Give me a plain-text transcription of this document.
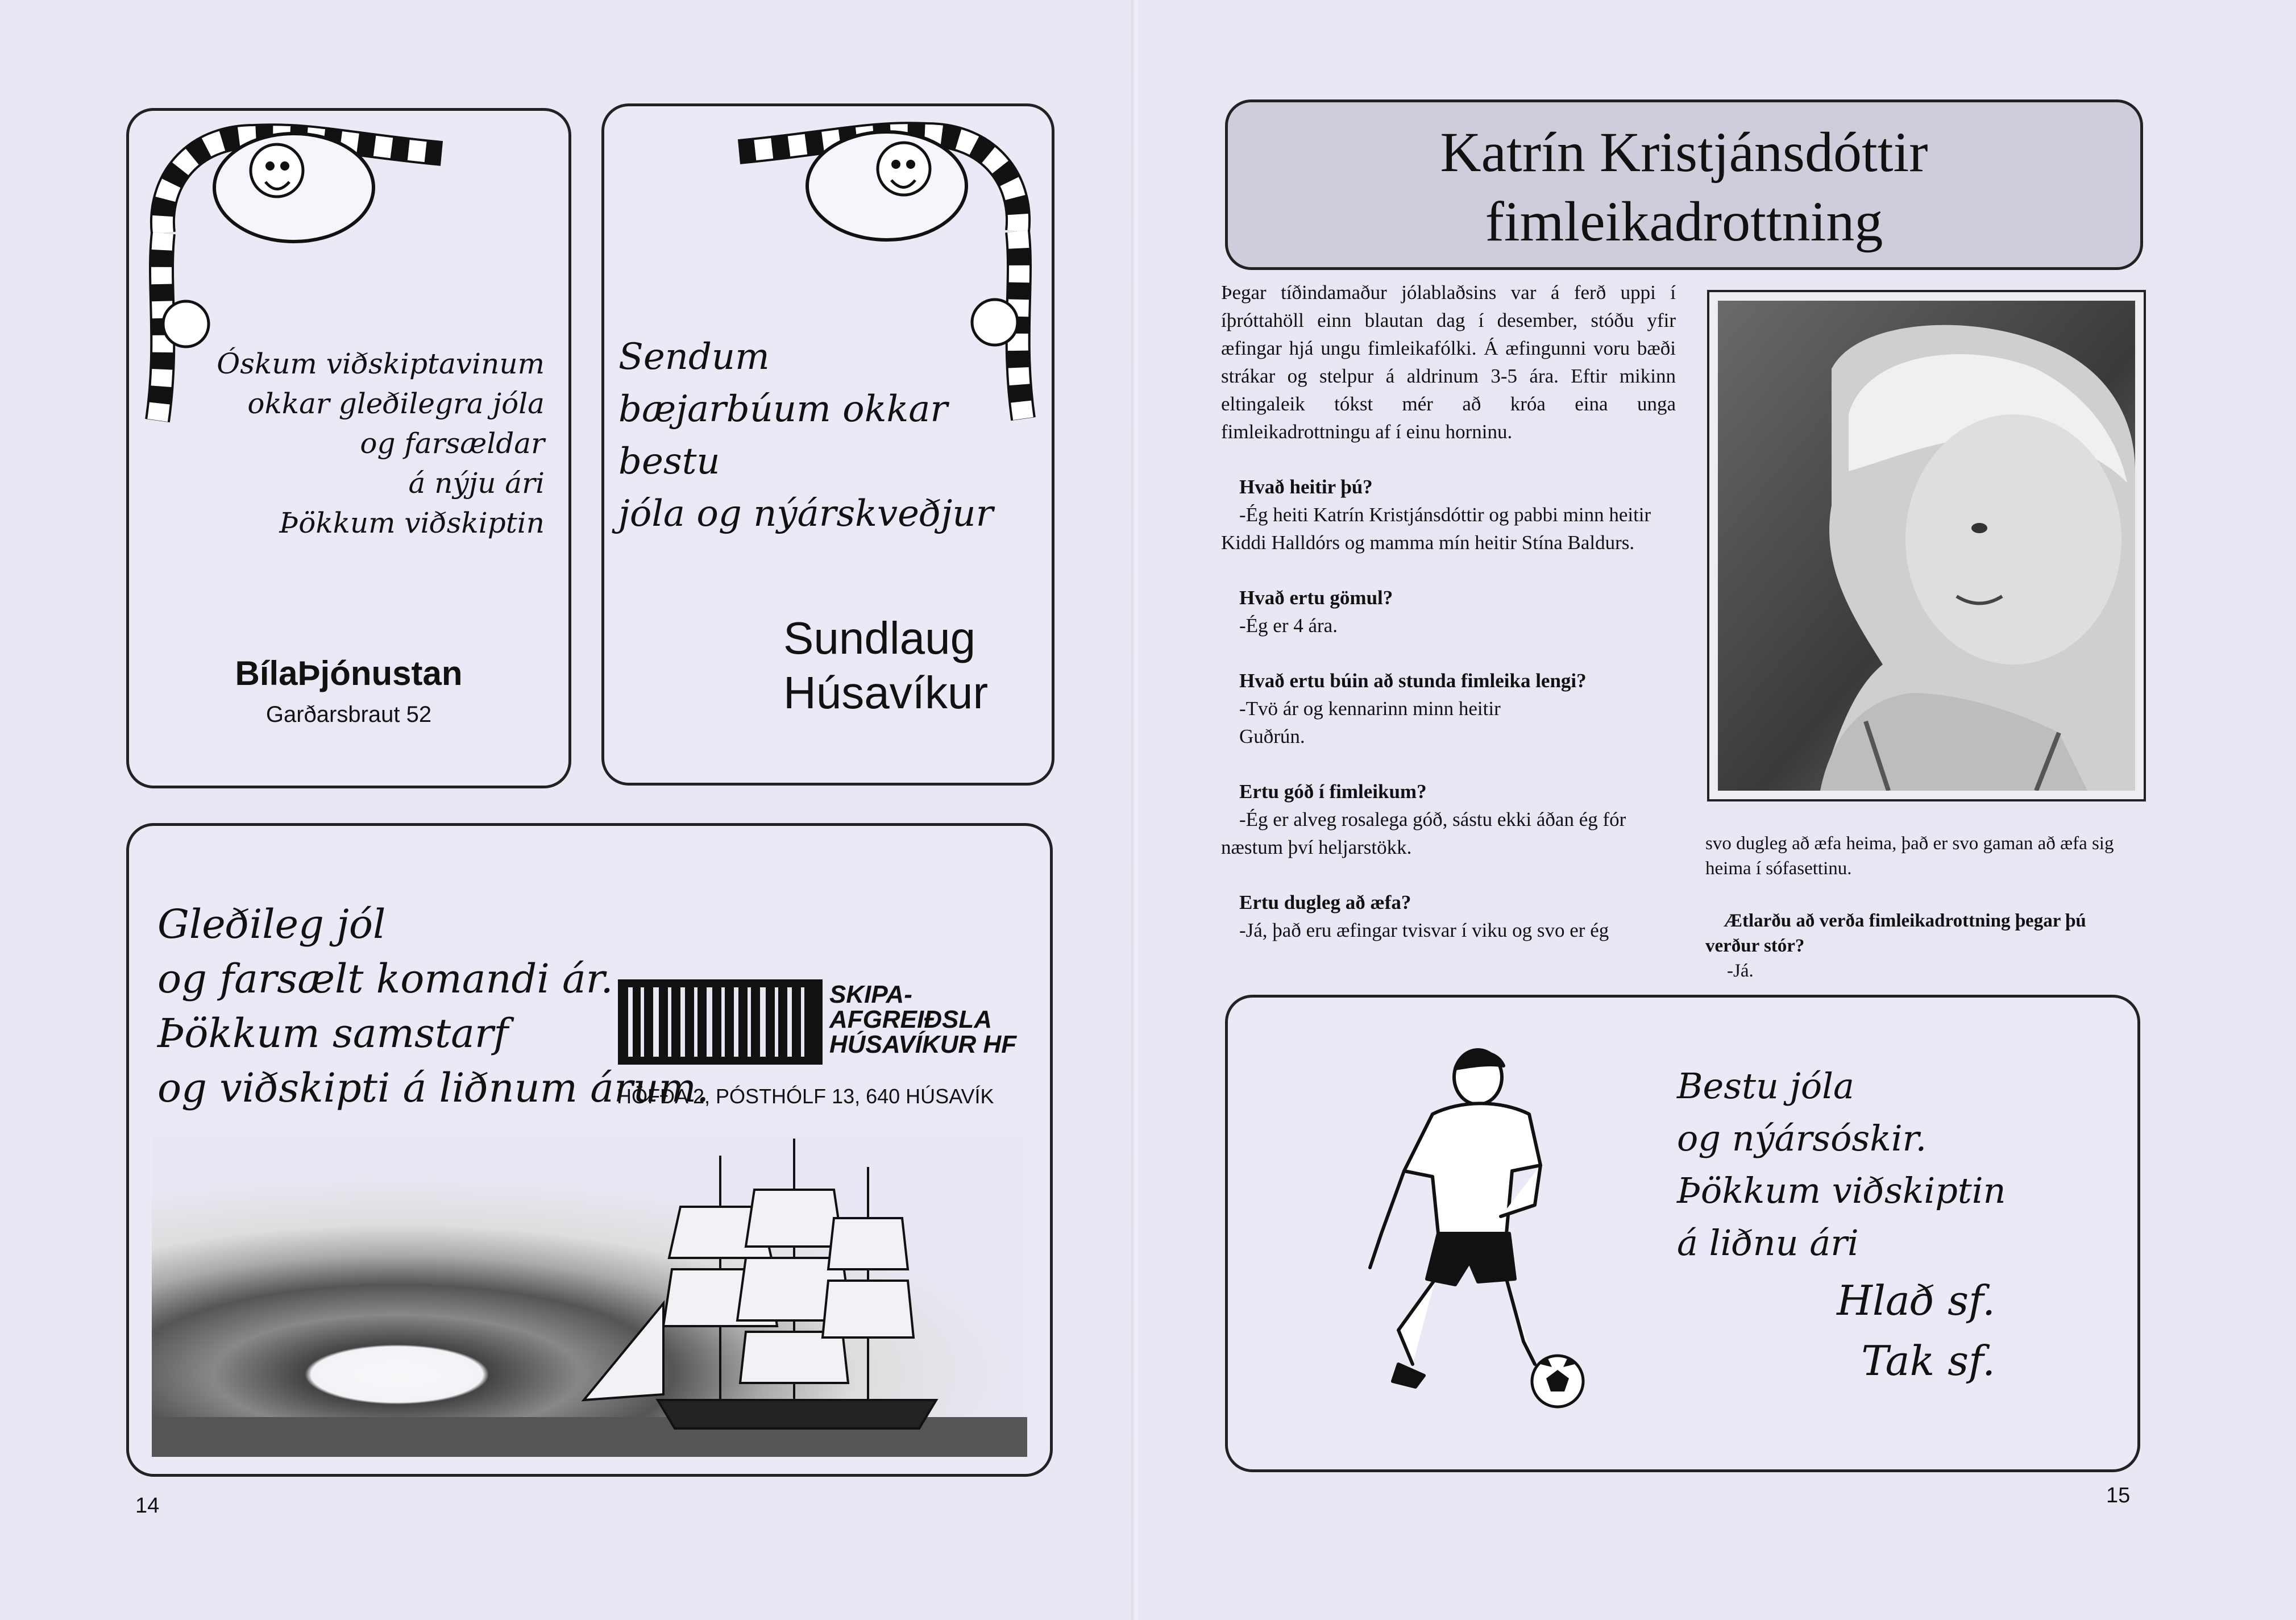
Óskum viðskiptavinum
okkar gleðilegra jóla
og farsældar
á nýju ári
Þökkum viðskiptin
BílaÞjónustan
Garðarsbraut 52
Sendum
bæjarbúum okkar
bestu
jóla og nýárskveðjur
Sundlaug
Húsavíkur
Gleðileg jól
og farsælt komandi ár.
Þökkum samstarf
og viðskipti á liðnum árum.
SKIPA-
AFGREIÐSLA
HÚSAVÍKUR HF
HÖFÐA 2, PÓSTHÓLF 13, 640 HÚSAVÍK
14
Katrín Kristjánsdóttir
fimleikadrottning

Þegar tíðindamaður jólablaðsins var á ferð uppi í íþróttahöll einn blautan dag í desember, stóðu yfir æfingar hjá ungu fimleikafólki. Á æfingunni voru bæði strákar og stelpur á aldrinum 3-5 ára. Eftir mikinn eltingaleik tókst mér að króa eina unga fimleikadrottningu af í einu horninu.

Hvað heitir þú?

-Ég heiti Katrín Kristjánsdóttir og pabbi minn heitir Kiddi Halldórs og mamma mín heitir Stína Baldurs.

Hvað ertu gömul?

-Ég er 4 ára.

Hvað ertu búin að stunda fimleika lengi?

-Tvö ár og kennarinn minn heitir Guðrún.

Ertu góð í fimleikum?

-Ég er alveg rosalega góð, sástu ekki áðan ég fór næstum því heljarstökk.

Ertu dugleg að æfa?

-Já, það eru æfingar tvisvar í viku og svo er ég

svo dugleg að æfa heima, það er svo gaman að æfa sig heima í sófasettinu.

Ætlarðu að verða fimleikadrottning þegar þú verður stór?

-Já.

Bestu jóla
og nýársóskir.
Þökkum viðskiptin
á liðnu ári
Hlað sf.
Tak sf.
15
